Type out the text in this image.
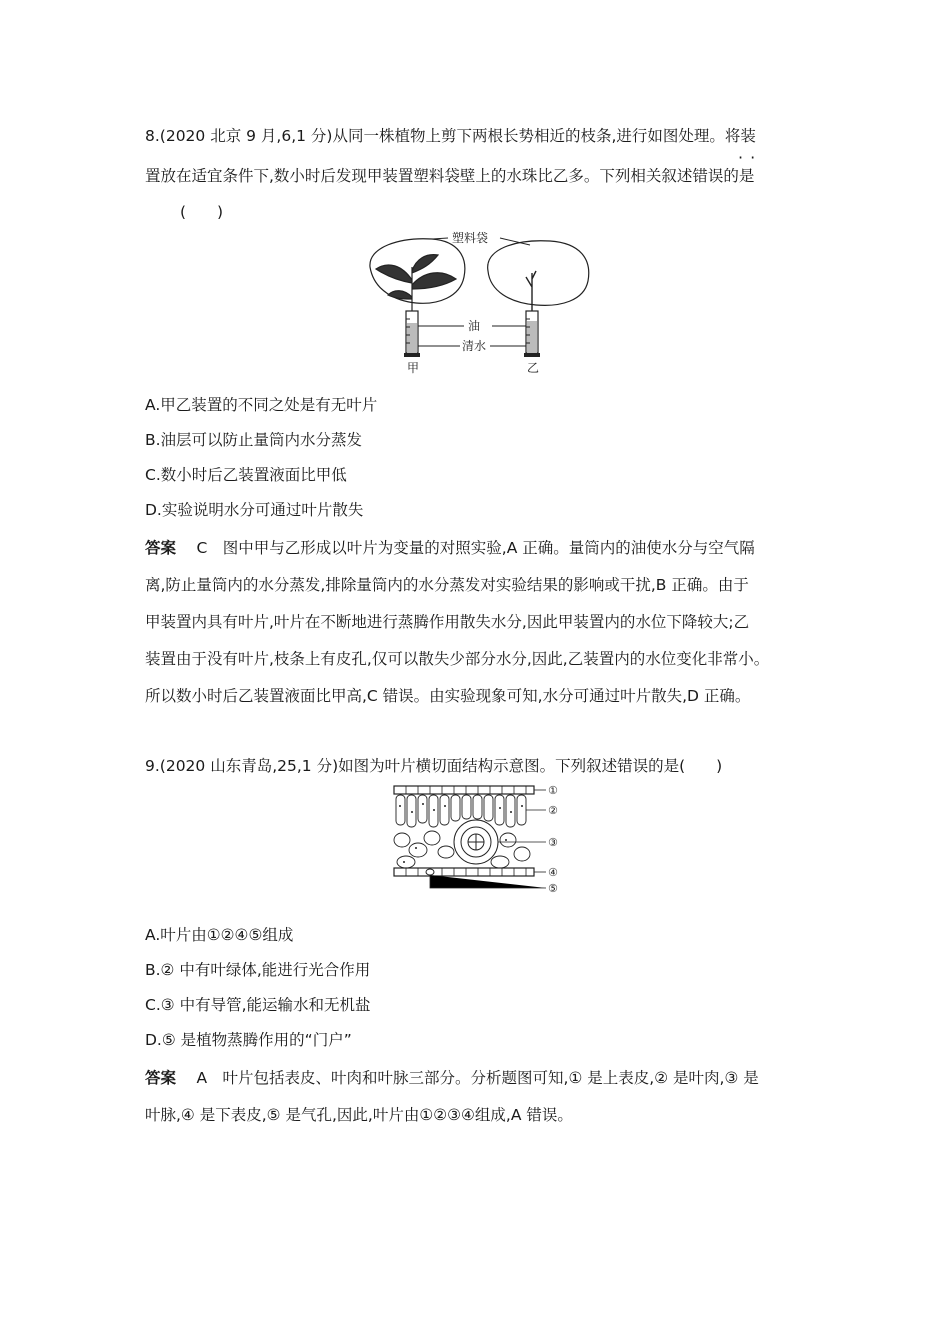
8.(2020 北京 9 月,6,1 分)从同一株植物上剪下两根长势相近的枝条,进行如图处理。将装
··
置放在适宜条件下,数小时后发现甲装置塑料袋壁上的水珠比乙多。下列相关叙述错误的是
(　　)
塑料袋
油
清水
甲	乙
A.甲乙装置的不同之处是有无叶片
B.油层可以防止量筒内水分蒸发
C.数小时后乙装置液面比甲低
D.实验说明水分可通过叶片散失
答案　 C　图中甲与乙形成以叶片为变量的对照实验,A 正确。量筒内的油使水分与空气隔
离,防止量筒内的水分蒸发,排除量筒内的水分蒸发对实验结果的影响或干扰,B 正确。由于
甲装置内具有叶片,叶片在不断地进行蒸腾作用散失水分,因此甲装置内的水位下降较大;乙
装置由于没有叶片,枝条上有皮孔,仅可以散失少部分水分,因此,乙装置内的水位变化非常小。
所以数小时后乙装置液面比甲高,C 错误。由实验现象可知,水分可通过叶片散失,D 正确。
9.(2020 山东青岛,25,1 分)如图为叶片横切面结构示意图。下列叙述错误的是(　　)
①
②
③
④
⑤
A.叶片由①②④⑤组成
B.② 中有叶绿体,能进行光合作用
C.③ 中有导管,能运输水和无机盐
D.⑤ 是植物蒸腾作用的“门户”
答案　 A　叶片包括表皮、叶肉和叶脉三部分。分析题图可知,① 是上表皮,② 是叶肉,③ 是
叶脉,④ 是下表皮,⑤ 是气孔,因此,叶片由①②③④组成,A 错误。
